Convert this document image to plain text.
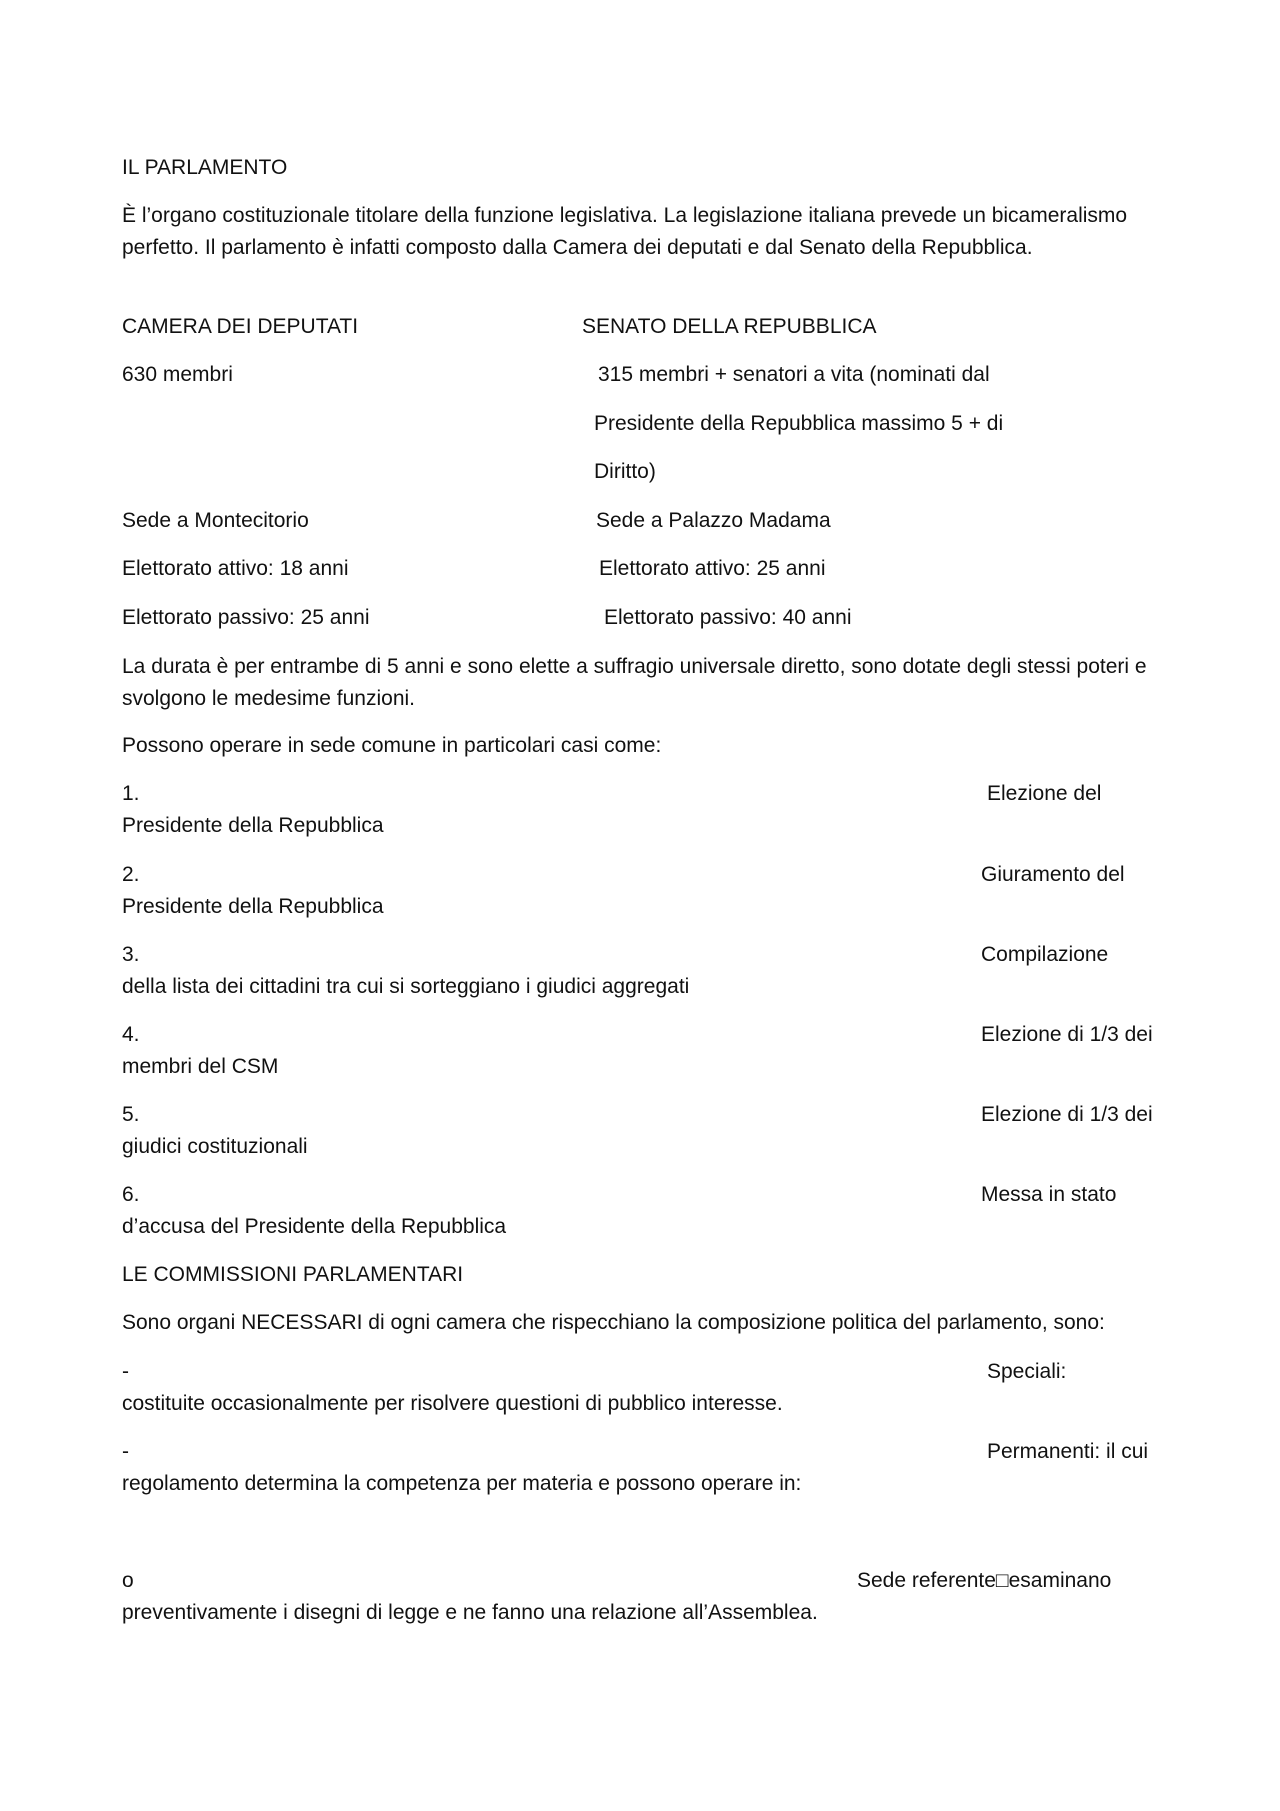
IL PARLAMENTO
È l’organo costituzionale titolare della funzione legislativa. La legislazione italiana prevede un bicameralismo perfetto. Il parlamento è infatti composto dalla Camera dei deputati e dal Senato della Repubblica.
CAMERA DEI DEPUTATI	SENATO DELLA REPUBBLICA
630 membri	315 membri + senatori a vita (nominati dal
Presidente della Repubblica massimo 5 + di
Diritto)
Sede a Montecitorio	Sede a Palazzo Madama
Elettorato attivo: 18 anni	Elettorato attivo: 25 anni
Elettorato passivo: 25 anni	Elettorato passivo: 40 anni
La durata è per entrambe di 5 anni e sono elette a suffragio universale diretto, sono dotate degli stessi poteri e svolgono le medesime funzioni.
Possono operare in sede comune in particolari casi come:
1.	Elezione del
Presidente della Repubblica
2.	Giuramento del
Presidente della Repubblica
3.	Compilazione
della lista dei cittadini tra cui si sorteggiano i giudici aggregati
4.	Elezione di 1/3 dei
membri del CSM
5.	Elezione di 1/3 dei
giudici costituzionali
6.	Messa in stato
d’accusa del Presidente della Repubblica
LE COMMISSIONI PARLAMENTARI
Sono organi NECESSARI di ogni camera che rispecchiano la composizione politica del parlamento, sono:
-	Speciali:
costituite occasionalmente per risolvere questioni di pubblico interesse.
-	Permanenti: il cui
regolamento determina la competenza per materia e possono operare in:
o	Sede referente□esaminano
preventivamente i disegni di legge e ne fanno una relazione all’Assemblea.
